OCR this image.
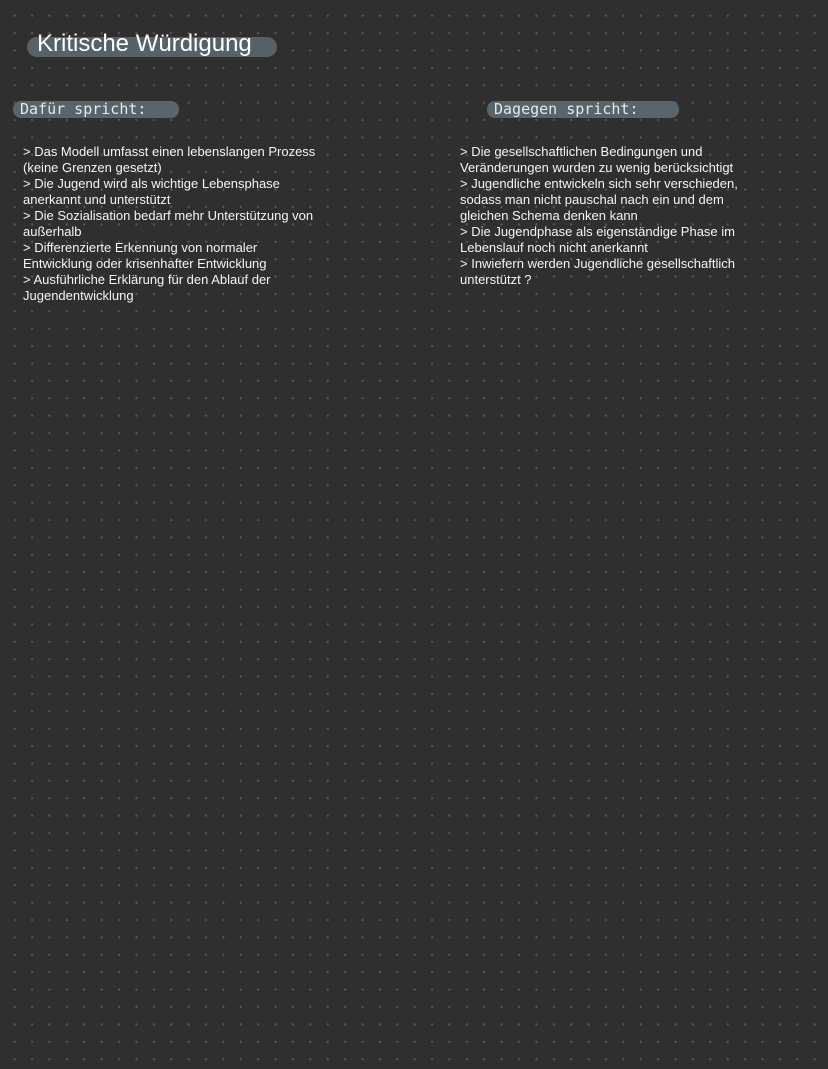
Kritische Würdigung
Dafür spricht:	Dagegen spricht:
> Das Modell umfasst einen lebenslangen Prozess (keine Grenzen gesetzt)
> Die Jugend wird als wichtige Lebensphase anerkannt und unterstützt
> Die Sozialisation bedarf mehr Unterstützung von außerhalb
> Differenzierte Erkennung von normaler Entwicklung oder krisenhafter Entwicklung
> Ausführliche Erklärung für den Ablauf der Jugendentwicklung
> Die gesellschaftlichen Bedingungen und Veränderungen wurden zu wenig berücksichtigt
> Jugendliche entwickeln sich sehr verschieden, sodass man nicht pauschal nach ein und dem gleichen Schema denken kann
> Die Jugendphase als eigenständige Phase im Lebenslauf noch nicht anerkannt
> Inwiefern werden Jugendliche gesellschaftlich unterstützt ?
